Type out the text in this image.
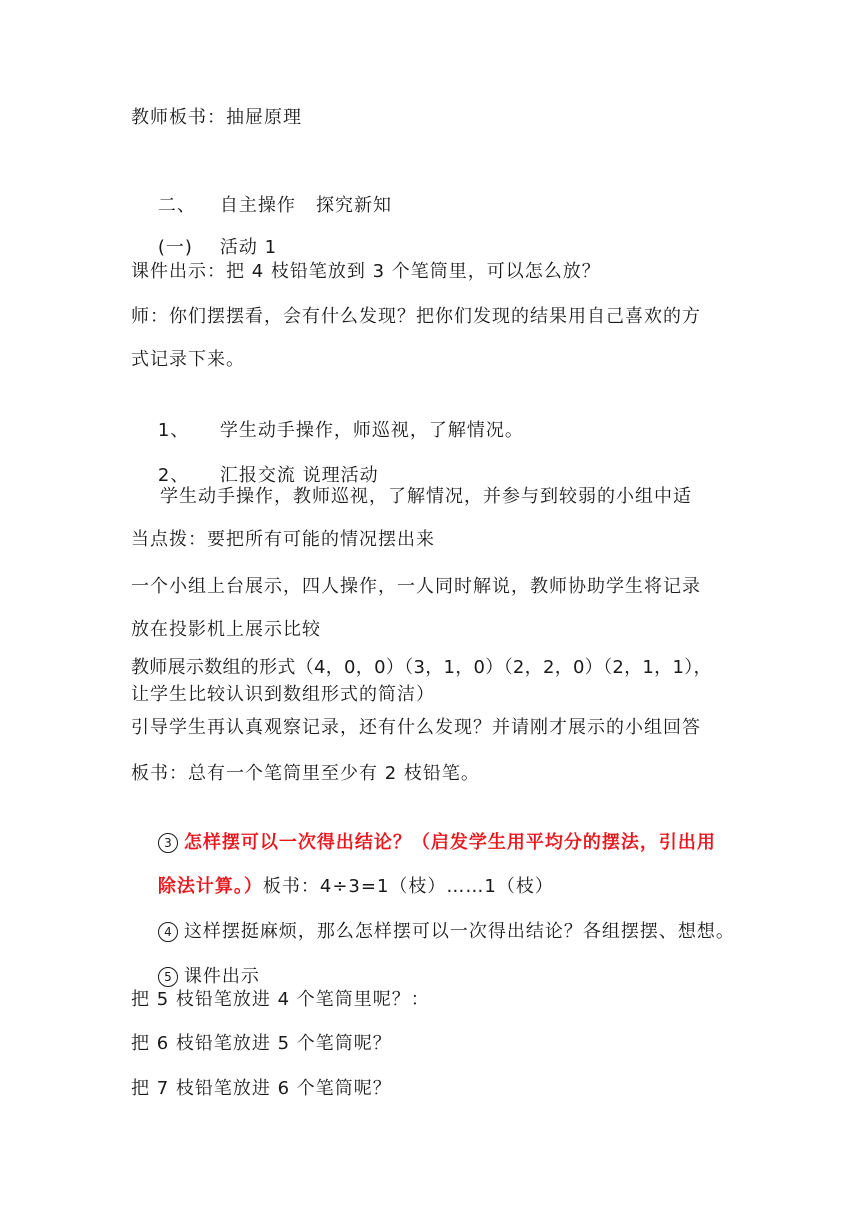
教师板书：抽屉原理

二、 自主操作   探究新知

(一) 活动 1

课件出示：把 4 枝铅笔放到 3 个笔筒里，可以怎么放？
师：你们摆摆看，会有什么发现？把你们发现的结果用自己喜欢的方
式记录下来。

1、 学生动手操作，师巡视，了解情况。

2、 汇报交流 说理活动

学生动手操作，教师巡视，了解情况，并参与到较弱的小组中适
当点拨：要把所有可能的情况摆出来
一个小组上台展示，四人操作，一人同时解说，教师协助学生将记录
放在投影机上展示比较
教师展示数组的形式（4，0，0）（3，1，0）（2，2，0）（2，1，1），
让学生比较认识到数组形式的简洁）
引导学生再认真观察记录，还有什么发现？并请刚才展示的小组回答
板书：总有一个笔筒里至少有 2 枝铅笔。

3 怎样摆可以一次得出结论？（启发学生用平均分的摆法，引出用

除法计算。）板书：4÷3=1（枝）……1（枝）

4 这样摆挺麻烦，那么怎样摆可以一次得出结论？各组摆摆、想想。

5 课件出示

把 5 枝铅笔放进 4 个笔筒里呢？：
把 6 枝铅笔放进 5 个笔筒呢？
把 7 枝铅笔放进 6 个笔筒呢？
